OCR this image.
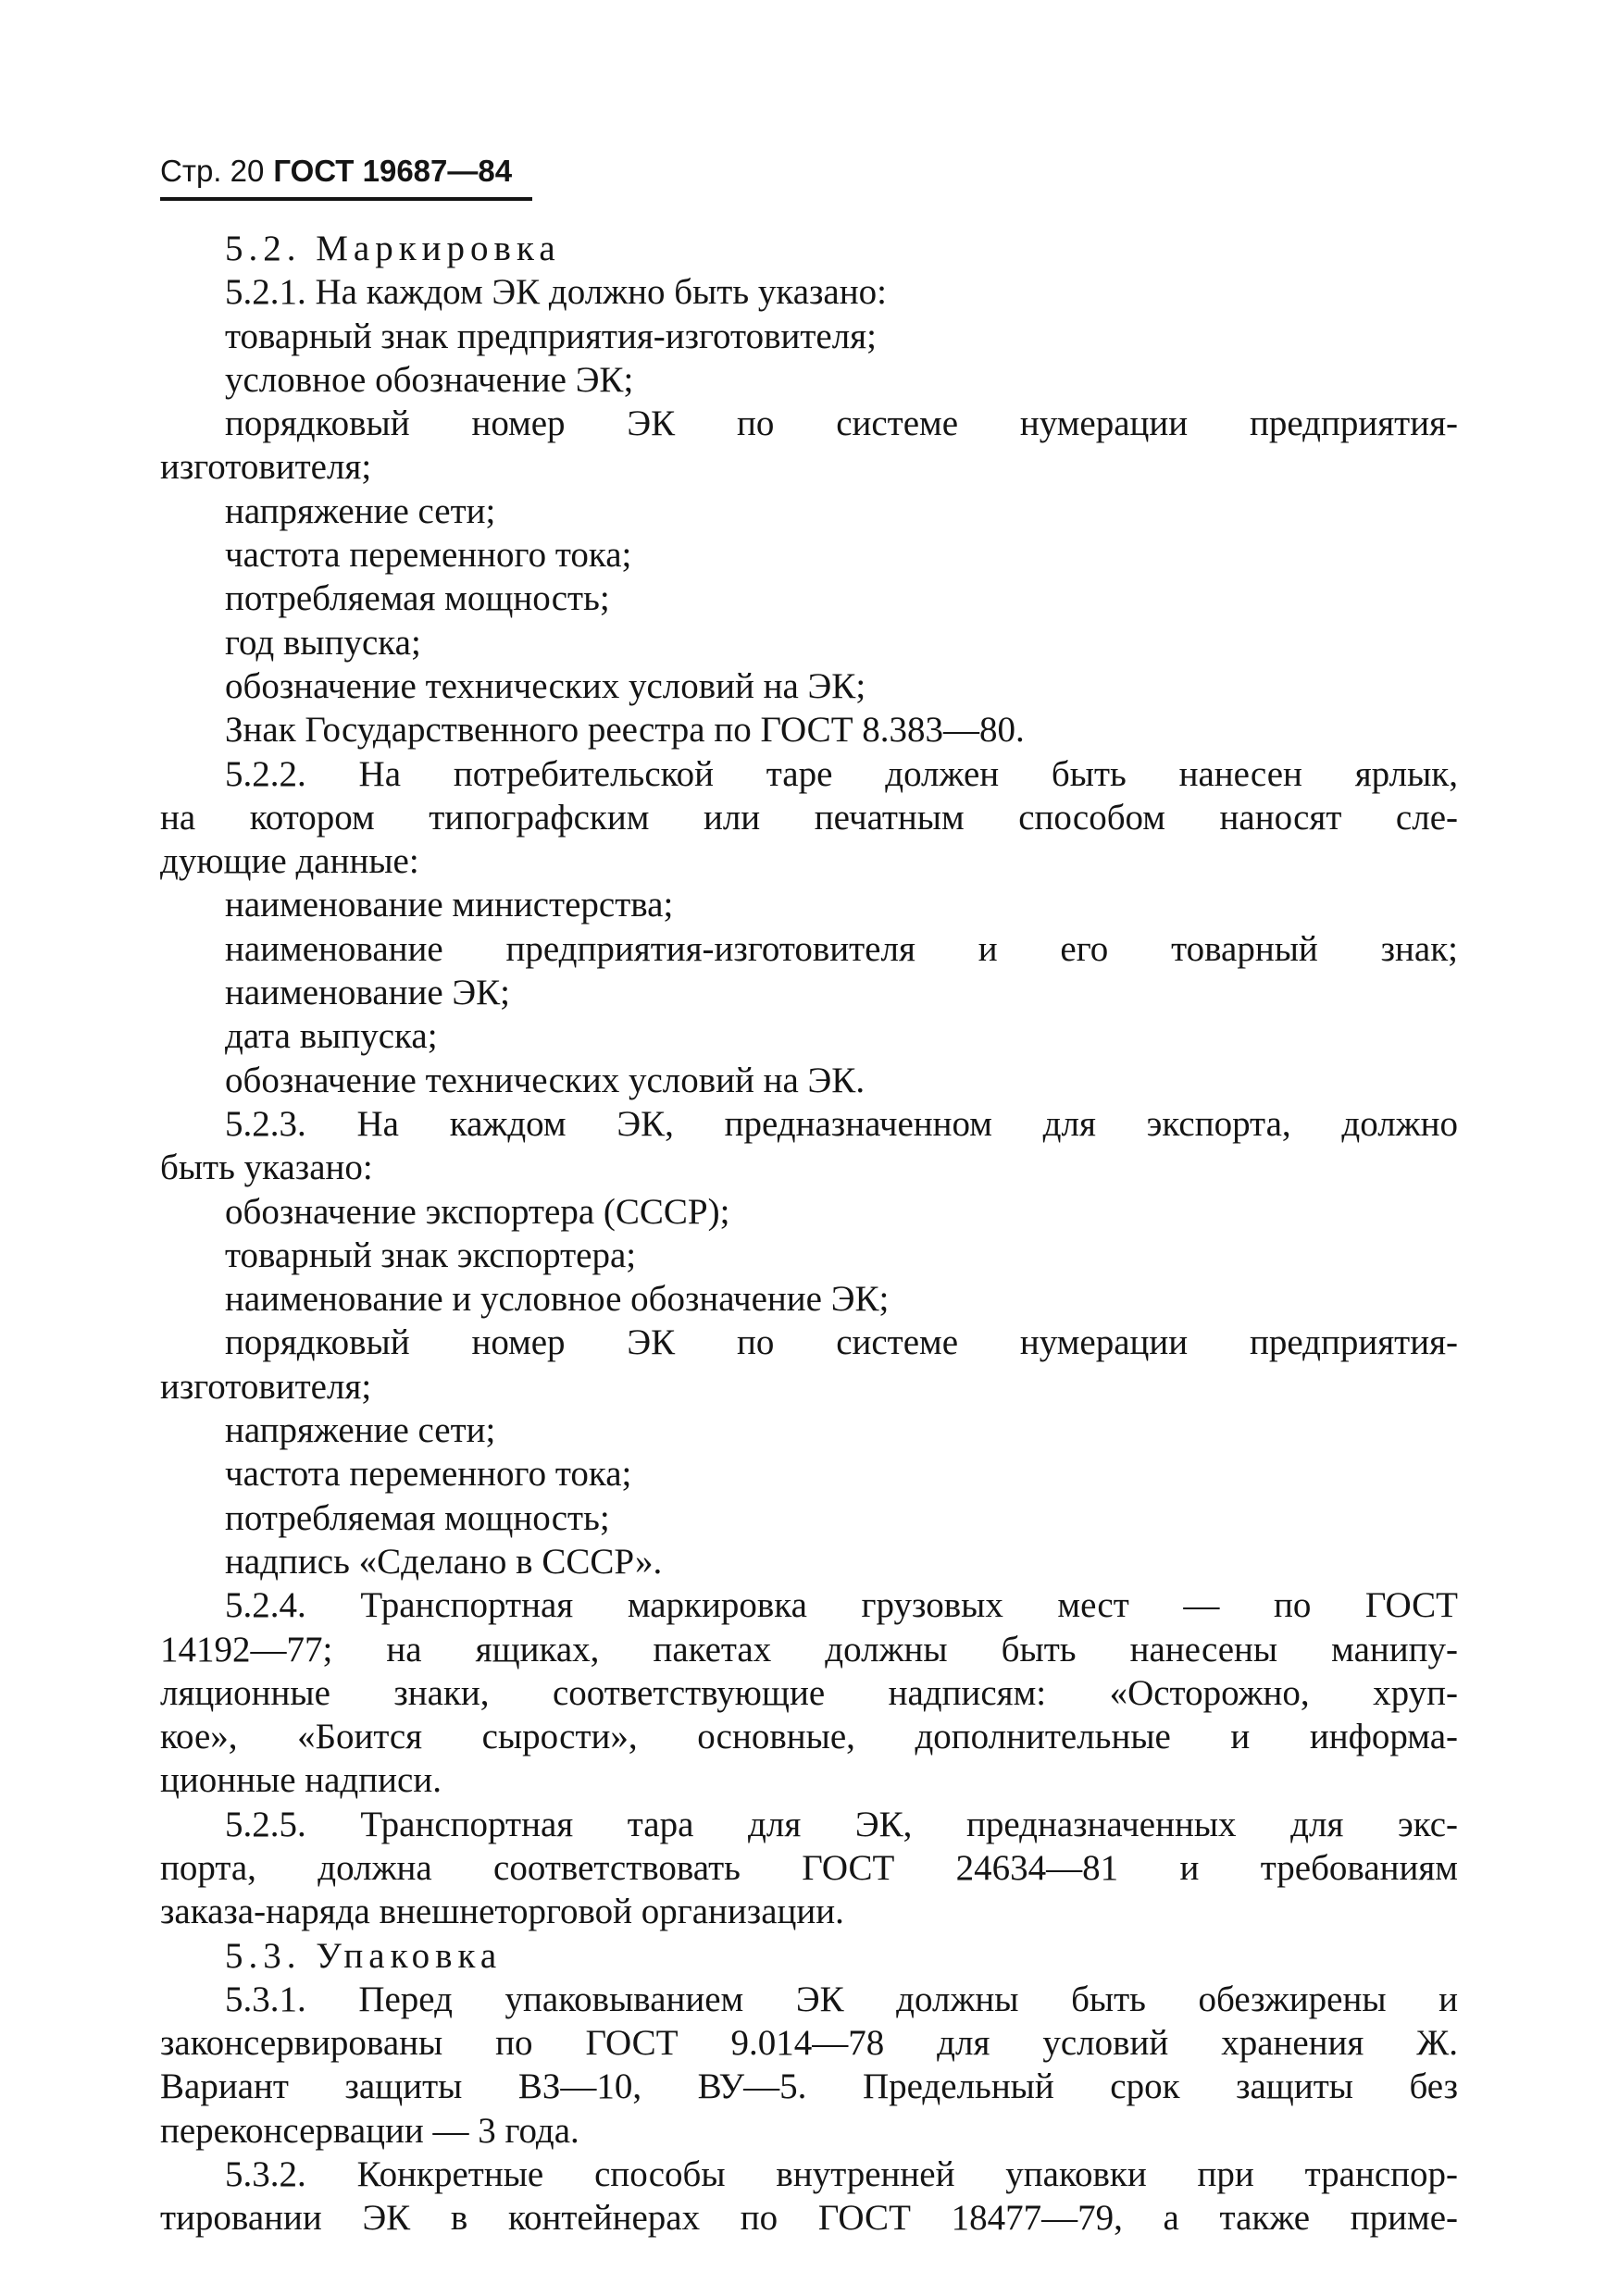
Стр. 20 ГОСТ 19687—84
5.2. Маркировка
5.2.1. На каждом ЭК должно быть указано:
товарный знак предприятия-изготовителя;
условное обозначение ЭК;
порядковый номер ЭК по системе нумерации предприятия-
изготовителя;
напряжение сети;
частота переменного тока;
потребляемая мощность;
год выпуска;
обозначение технических условий на ЭК;
Знак Государственного реестра по ГОСТ 8.383—80.
5.2.2. На потребительской таре должен быть нанесен ярлык,
на котором типографским или печатным способом наносят сле-
дующие данные:
наименование министерства;
наименование предприятия-изготовителя и его товарный знак;
наименование ЭК;
дата выпуска;
обозначение технических условий на ЭК.
5.2.3. На каждом ЭК, предназначенном для экспорта, должно
быть указано:
обозначение экспортера (СССР);
товарный знак экспортера;
наименование и условное обозначение ЭК;
порядковый номер ЭК по системе нумерации предприятия-
изготовителя;
напряжение сети;
частота переменного тока;
потребляемая мощность;
надпись «Сделано в СССР».
5.2.4. Транспортная маркировка грузовых мест — по ГОСТ
14192—77; на ящиках, пакетах должны быть нанесены манипу-
ляционные знаки, соответствующие надписям: «Осторожно, хруп-
кое», «Боится сырости», основные, дополнительные и информа-
ционные надписи.
5.2.5. Транспортная тара для ЭК, предназначенных для экс-
порта, должна соответствовать ГОСТ 24634—81 и требованиям
заказа-наряда внешнеторговой организации.
5.3. Упаковка
5.3.1. Перед упаковыванием ЭК должны быть обезжирены и
законсервированы по ГОСТ 9.014—78 для условий хранения Ж.
Вариант защиты ВЗ—10, ВУ—5. Предельный срок защиты без
переконсервации — 3 года.
5.3.2. Конкретные способы внутренней упаковки при транспор-
тировании ЭК в контейнерах по ГОСТ 18477—79, а также приме-
